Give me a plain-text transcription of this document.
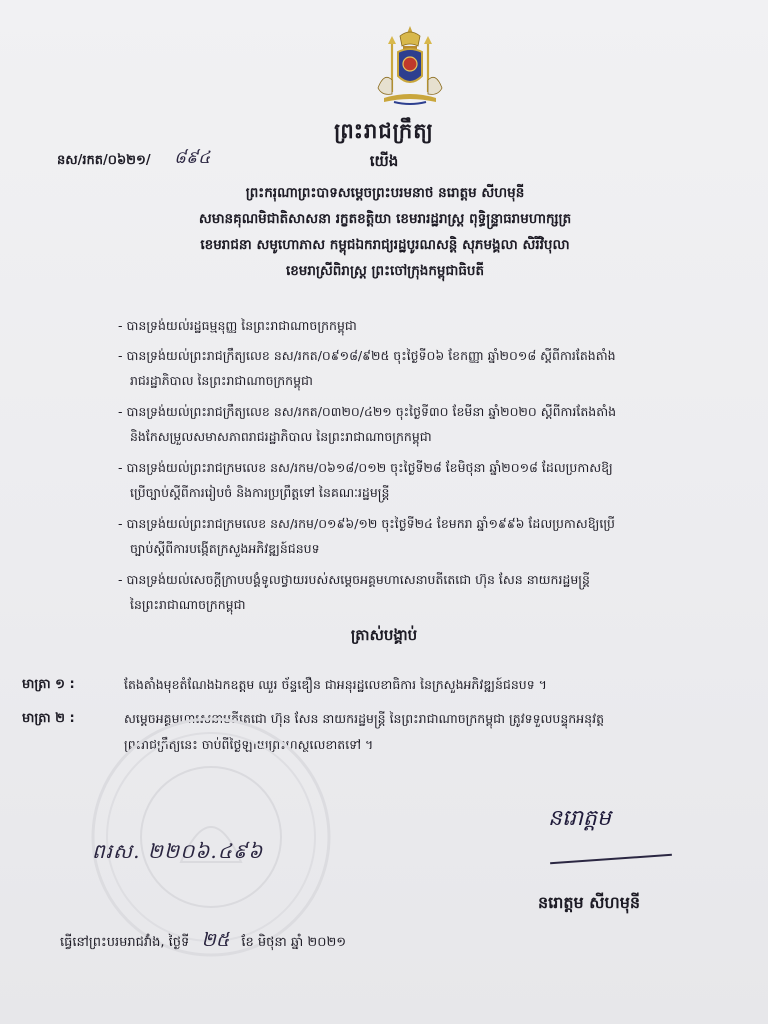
ព្រះរាជក្រឹត្យ
នស/រកត/០៦២១/ ៨៩៤	យើង
ព្រះករុណាព្រះបាទសម្តេចព្រះបរមនាថ នរោត្តម សីហមុនី
សមានគុណមិជាតិសាសនា រក្ខតខត្តិយា ខេមរារដ្ឋរាស្ត្រ ពុទ្ធិន្ទ្រាធរាមហាក្សត្រ
ខេមរាជនា សមូហោភាស កម្ពុជឯករាជ្យរដ្ឋបូរណសន្តិ សុភមង្គលា សិរីវិបុលា
ខេមរាស្រីពិរាស្ត្រ ព្រះចៅក្រុងកម្ពុជាធិបតី
- បានទ្រង់យល់រដ្ឋធម្មនុញ្ញ នៃព្រះរាជាណាចក្រកម្ពុជា
- បានទ្រង់យល់ព្រះរាជក្រឹត្យលេខ នស/រកត/០៩១៨/៩២៥ ចុះថ្ងៃទី០៦ ខែកញ្ញា ឆ្នាំ២០១៨ ស្តីពីការតែងតាំង
រាជរដ្ឋាភិបាល នៃព្រះរាជាណាចក្រកម្ពុជា
- បានទ្រង់យល់ព្រះរាជក្រឹត្យលេខ នស/រកត/០៣២០/៤២១ ចុះថ្ងៃទី៣០ ខែមីនា ឆ្នាំ២០២០ ស្តីពីការតែងតាំង
និងកែសម្រួលសមាសភាពរាជរដ្ឋាភិបាល នៃព្រះរាជាណាចក្រកម្ពុជា
- បានទ្រង់យល់ព្រះរាជក្រមលេខ នស/រកម/០៦១៨/០១២ ចុះថ្ងៃទី២៨ ខែមិថុនា ឆ្នាំ២០១៨ ដែលប្រកាសឱ្យ
ប្រើច្បាប់ស្តីពីការរៀបចំ និងការប្រព្រឹត្តទៅ នៃគណៈរដ្ឋមន្ត្រី
- បានទ្រង់យល់ព្រះរាជក្រមលេខ នស/រកម/០១៩៦/១២ ចុះថ្ងៃទី២៤ ខែមករា ឆ្នាំ១៩៩៦ ដែលប្រកាសឱ្យប្រើ
ច្បាប់ស្តីពីការបង្កើតក្រសួងអភិវឌ្ឍន៍ជនបទ
- បានទ្រង់យល់សេចក្តីក្រាបបង្គំទូលថ្វាយរបស់សម្តេចអគ្គមហាសេនាបតីតេជោ ហ៊ុន សែន នាយករដ្ឋមន្ត្រី
នៃព្រះរាជាណាចក្រកម្ពុជា
ត្រាស់បង្គាប់
មាត្រា ១ :	តែងតាំងមុខតំណែងឯកឧត្តម ឈួរ ច័ន្ទឌឿន ជាអនុរដ្ឋលេខាធិការ នៃក្រសួងអភិវឌ្ឍន៍ជនបទ ។
មាត្រា ២ :	សម្តេចអគ្គមហាសេនាបតីតេជោ ហ៊ុន សែន នាយករដ្ឋមន្ត្រី នៃព្រះរាជាណាចក្រកម្ពុជា ត្រូវទទួលបន្ទុកអនុវត្ត
ព្រះរាជក្រឹត្យនេះ ចាប់ពីថ្ងៃឡាយព្រះហស្ថលេខាតទៅ ។
ពរស. ២២០៦.៤៩៦
នរោត្តម
នរោត្តម សីហមុនី
ធ្វើនៅព្រះបរមរាជវាំង, ថ្ងៃទី ២៥ ខែ មិថុនា ឆ្នាំ ២០២១
